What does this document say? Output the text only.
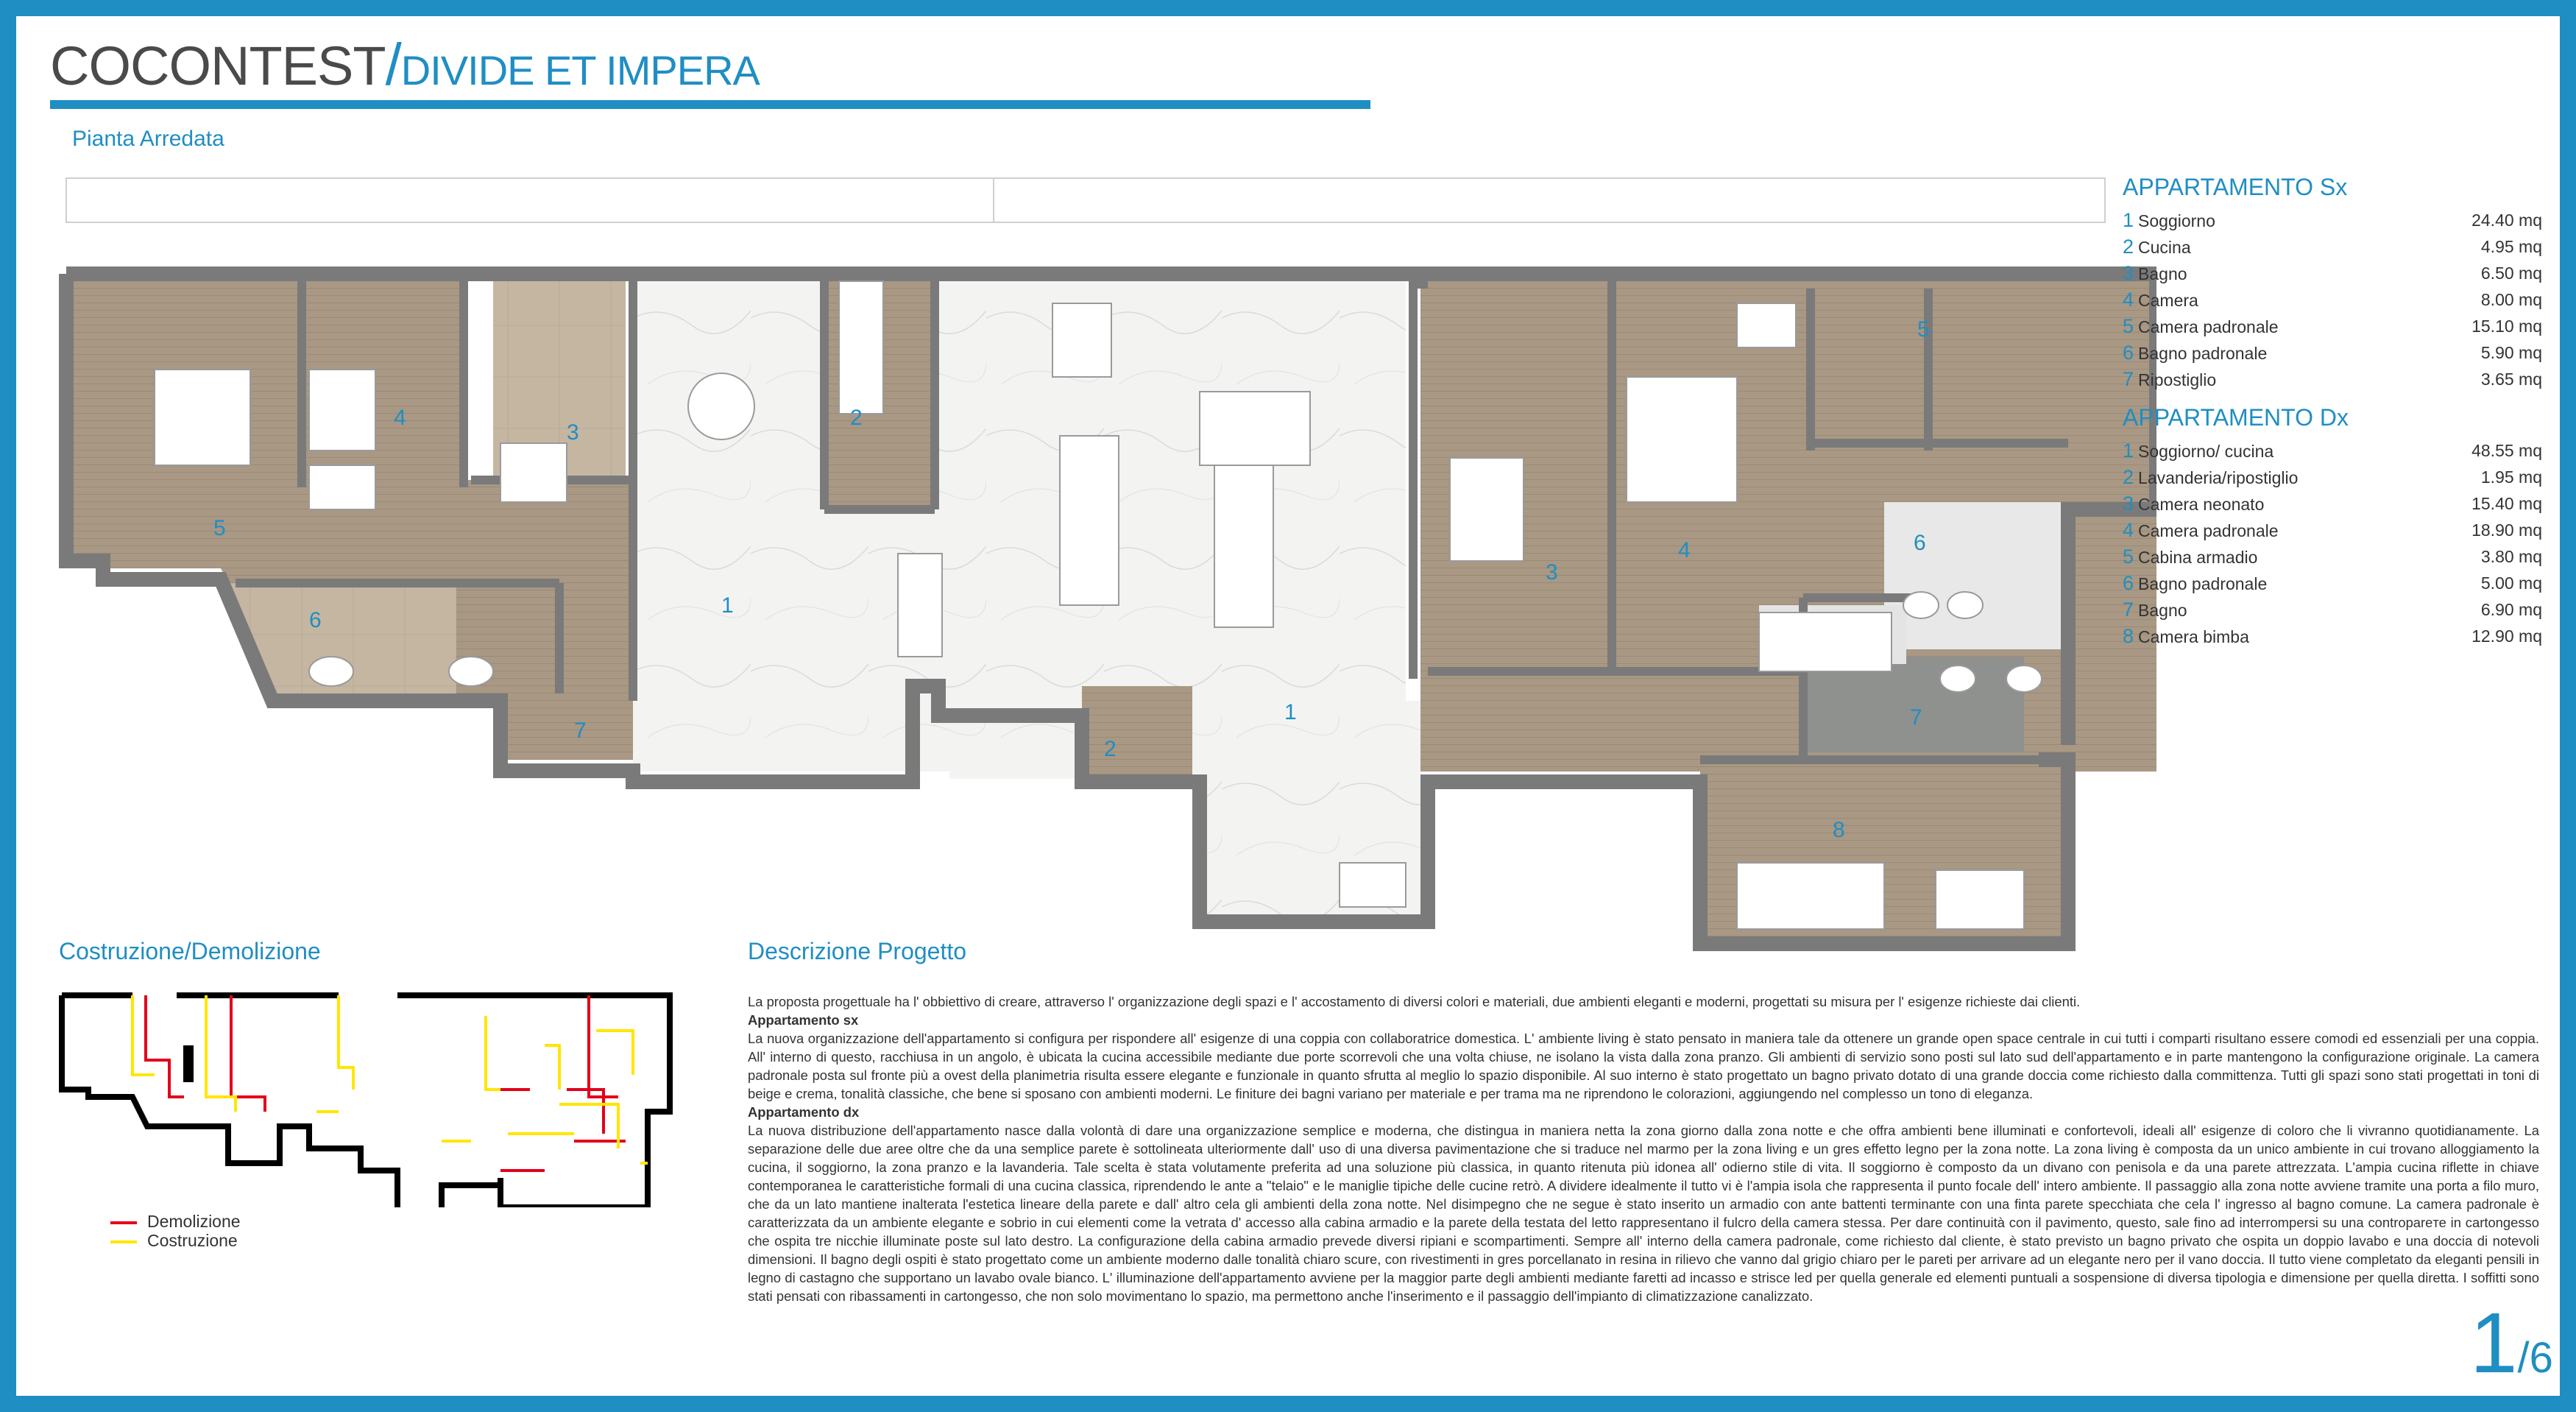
COCONTEST/DIVIDE ET IMPERA
Pianta Arredata
1
2
3
4
5
6
7
1
2
3
4
5
6
7
8
APPARTAMENTO Sx
1 Soggiorno	24.40 mq
2 Cucina	4.95 mq
3 Bagno	6.50 mq
4 Camera	8.00 mq
5 Camera padronale	15.10 mq
6 Bagno padronale	5.90 mq
7 Ripostiglio	3.65 mq
APPARTAMENTO Dx
1 Soggiorno/ cucina	48.55 mq
2 Lavanderia/ripostiglio	1.95 mq
3 Camera neonato	15.40 mq
4 Camera padronale	18.90 mq
5 Cabina armadio	3.80 mq
6 Bagno padronale	5.00 mq
7 Bagno	6.90 mq
8 Camera bimba	12.90 mq
Costruzione/Demolizione	Descrizione Progetto
Demolizione
Costruzione

La proposta progettuale ha l' obbiettivo di creare, attraverso l' organizzazione degli spazi e l' accostamento di diversi colori e materiali, due ambienti eleganti e moderni, progettati su misura per l' esigenze richieste dai clienti.

Appartamento sx

La nuova organizzazione dell'appartamento si configura per rispondere all' esigenze di una coppia con collaboratrice domestica. L' ambiente living è stato pensato in maniera tale da ottenere un grande open space centrale in cui tutti i comparti risultano essere comodi ed essenziali per una coppia. All' interno di questo, racchiusa in un angolo, è ubicata la cucina accessibile mediante due porte scorrevoli che una volta chiuse, ne isolano la vista dalla zona pranzo. Gli ambienti di servizio sono posti sul lato sud dell'appartamento e in parte mantengono la configurazione originale. La camera padronale posta sul fronte più a ovest della planimetria risulta essere elegante e funzionale in quanto sfrutta al meglio lo spazio disponibile. Al suo interno è stato progettato un bagno privato dotato di una grande doccia come richiesto dalla committenza. Tutti gli spazi sono stati progettati in toni di beige e crema, tonalità classiche, che bene si sposano con ambienti moderni. Le finiture dei bagni variano per materiale e per trama ma ne riprendono le colorazioni, aggiungendo nel complesso un tono di eleganza.

Appartamento dx

La nuova distribuzione dell'appartamento nasce dalla volontà di dare una organizzazione semplice e moderna, che distingua in maniera netta la zona giorno dalla zona notte e che offra ambienti bene illuminati e confortevoli, ideali all' esigenze di coloro che li vivranno quotidianamente. La separazione delle due aree oltre che da una semplice parete è sottolineata ulteriormente dall' uso di una diversa pavimentazione che si traduce nel marmo per la zona living e un gres effetto legno per la zona notte. La zona living è composta da un unico ambiente in cui trovano alloggiamento la cucina, il soggiorno, la zona pranzo e la lavanderia. Tale scelta è stata volutamente preferita ad una soluzione più classica, in quanto ritenuta più idonea all' odierno stile di vita. Il soggiorno è composto da un divano con penisola e da una parete attrezzata. L'ampia cucina riflette in chiave contemporanea le caratteristiche formali di una cucina classica, riprendendo le ante a "telaio" e le maniglie tipiche delle cucine retrò. A dividere idealmente il tutto vi è l'ampia isola che rappresenta il punto focale dell' intero ambiente. Il passaggio alla zona notte avviene tramite una porta a filo muro, che da un lato mantiene inalterata l'estetica lineare della parete e dall' altro cela gli ambienti della zona notte. Nel disimpegno che ne segue è stato inserito un armadio con ante battenti terminante con una finta parete specchiata che cela l' ingresso al bagno comune. La camera padronale è caratterizzata da un ambiente elegante e sobrio in cui elementi come la vetrata d' accesso alla cabina armadio e la parete della testata del letto rappresentano il fulcro della camera stessa. Per dare continuità con il pavimento, questo, sale fino ad interrompersi su una contropareте in cartongesso che ospita tre nicchie illuminate poste sul lato destro. La configurazione della cabina armadio prevede diversi ripiani e scompartimenti. Sempre all' interno della camera padronale, come richiesto dal cliente, è stato previsto un bagno privato che ospita un doppio lavabo e una doccia di notevoli dimensioni. Il bagno degli ospiti è stato progettato come un ambiente moderno dalle tonalità chiaro scure, con rivestimenti in gres porcellanato in resina in rilievo che vanno dal grigio chiaro per le pareti per arrivare ad un elegante nero per il vano doccia. Il tutto viene completato da eleganti pensili in legno di castagno che supportano un lavabo ovale bianco. L' illuminazione dell'appartamento avviene per la maggior parte degli ambienti mediante faretti ad incasso e strisce led per quella generale ed elementi puntuali a sospensione di diversa tipologia e dimensione per quella diretta. I soffitti sono stati pensati con ribassamenti in cartongesso, che non solo movimentano lo spazio, ma permettono anche l'inserimento e il passaggio dell'impianto di climatizzazione canalizzato.	1/6
